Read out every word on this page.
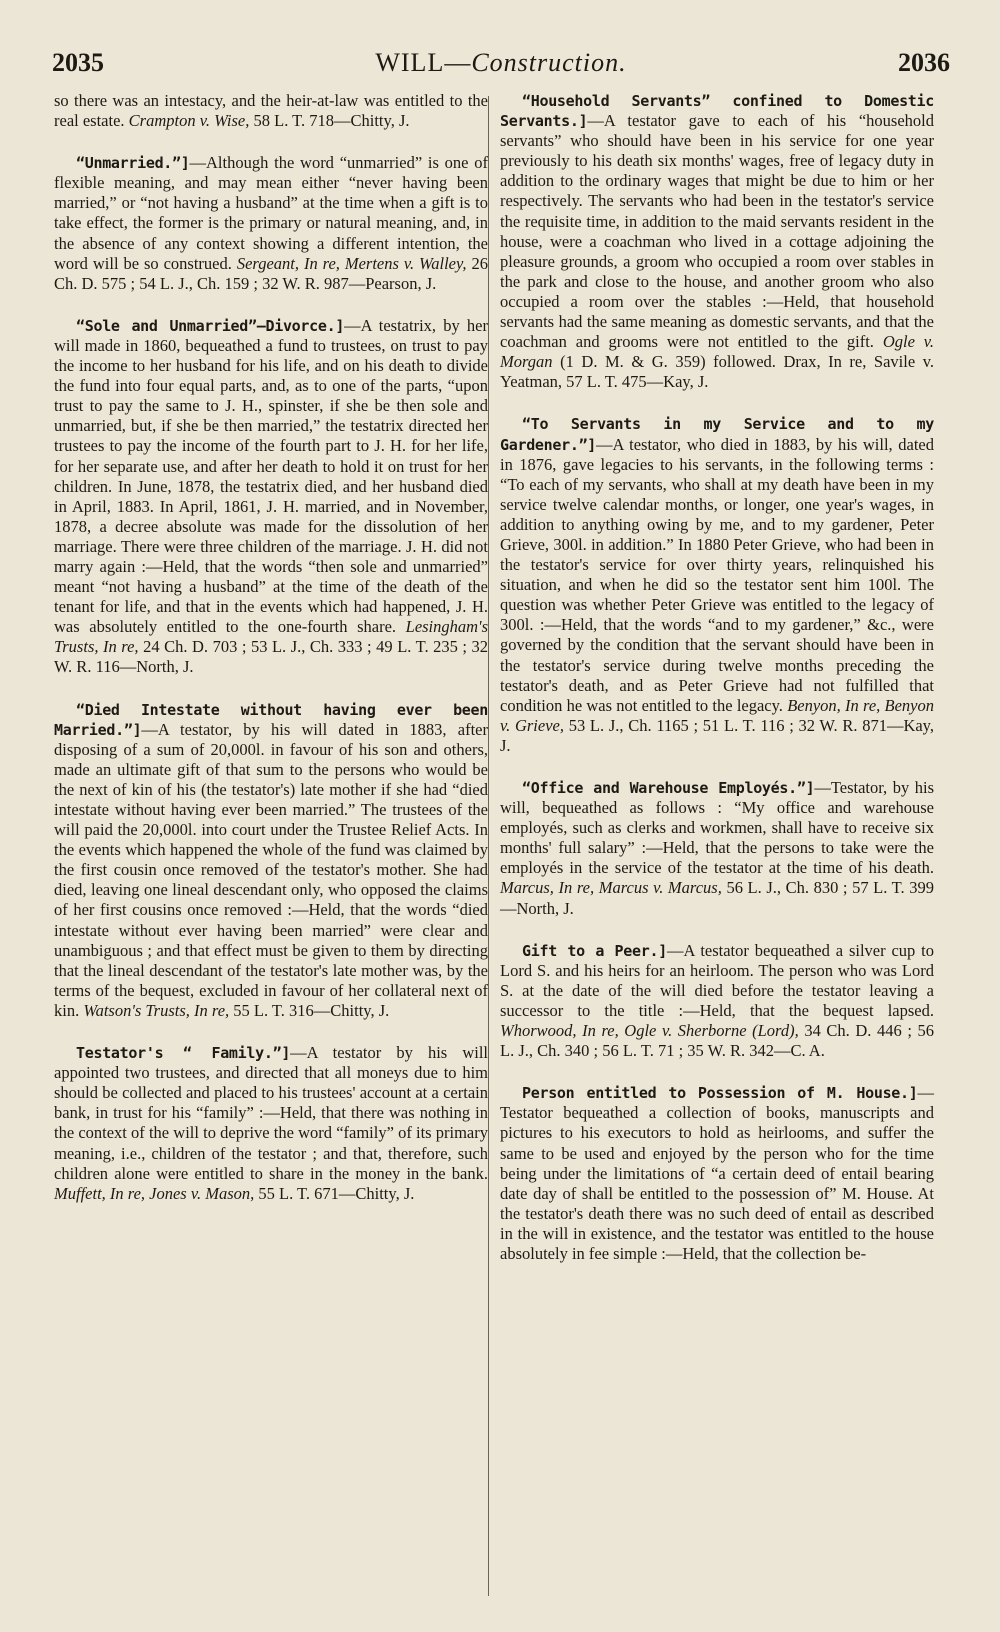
2035	WILL—Construction.	2036

so there was an intestacy, and the heir-at-law was entitled to the real estate. Crampton v. Wise, 58 L. T. 718—Chitty, J.

“Unmarried.”]—Although the word “unmarried” is one of flexible meaning, and may mean either “never having been married,” or “not having a husband” at the time when a gift is to take effect, the former is the primary or natural meaning, and, in the absence of any context showing a different intention, the word will be so construed. Sergeant, In re, Mertens v. Walley, 26 Ch. D. 575 ; 54 L. J., Ch. 159 ; 32 W. R. 987—Pearson, J.

“Sole and Unmarried”—Divorce.]—A testatrix, by her will made in 1860, bequeathed a fund to trustees, on trust to pay the income to her husband for his life, and on his death to divide the fund into four equal parts, and, as to one of the parts, “upon trust to pay the same to J. H., spinster, if she be then sole and unmarried, but, if she be then married,” the testatrix directed her trustees to pay the income of the fourth part to J. H. for her life, for her separate use, and after her death to hold it on trust for her children. In June, 1878, the testatrix died, and her husband died in April, 1883. In April, 1861, J. H. married, and in November, 1878, a decree absolute was made for the dissolution of her marriage. There were three children of the marriage. J. H. did not marry again :—Held, that the words “then sole and unmarried” meant “not having a husband” at the time of the death of the tenant for life, and that in the events which had happened, J. H. was absolutely entitled to the one-fourth share. Lesingham's Trusts, In re, 24 Ch. D. 703 ; 53 L. J., Ch. 333 ; 49 L. T. 235 ; 32 W. R. 116—North, J.

“Died Intestate without having ever been Married.”]—A testator, by his will dated in 1883, after disposing of a sum of 20,000l. in favour of his son and others, made an ultimate gift of that sum to the persons who would be the next of kin of his (the testator's) late mother if she had “died intestate without having ever been married.” The trustees of the will paid the 20,000l. into court under the Trustee Relief Acts. In the events which happened the whole of the fund was claimed by the first cousin once removed of the testator's mother. She had died, leaving one lineal descendant only, who opposed the claims of her first cousins once removed :—Held, that the words “died intestate without ever having been married” were clear and unambiguous ; and that effect must be given to them by directing that the lineal descendant of the testator's late mother was, by the terms of the bequest, excluded in favour of her collateral next of kin. Watson's Trusts, In re, 55 L. T. 316—Chitty, J.

Testator's “ Family.”]—A testator by his will appointed two trustees, and directed that all moneys due to him should be collected and placed to his trustees' account at a certain bank, in trust for his “family” :—Held, that there was nothing in the context of the will to deprive the word “family” of its primary meaning, i.e., children of the testator ; and that, therefore, such children alone were entitled to share in the money in the bank. Muffett, In re, Jones v. Mason, 55 L. T. 671—Chitty, J.

“Household Servants” confined to Domestic Servants.]—A testator gave to each of his “household servants” who should have been in his service for one year previously to his death six months' wages, free of legacy duty in addition to the ordinary wages that might be due to him or her respectively. The servants who had been in the testator's service the requisite time, in addition to the maid servants resident in the house, were a coachman who lived in a cottage adjoining the pleasure grounds, a groom who occupied a room over stables in the park and close to the house, and another groom who also occupied a room over the stables :—Held, that household servants had the same meaning as domestic servants, and that the coachman and grooms were not entitled to the gift. Ogle v. Morgan (1 D. M. & G. 359) followed. Drax, In re, Savile v. Yeatman, 57 L. T. 475—Kay, J.

“To Servants in my Service and to my Gardener.”]—A testator, who died in 1883, by his will, dated in 1876, gave legacies to his servants, in the following terms : “To each of my servants, who shall at my death have been in my service twelve calendar months, or longer, one year's wages, in addition to anything owing by me, and to my gardener, Peter Grieve, 300l. in addition.” In 1880 Peter Grieve, who had been in the testator's service for over thirty years, relinquished his situation, and when he did so the testator sent him 100l. The question was whether Peter Grieve was entitled to the legacy of 300l. :—Held, that the words “and to my gardener,” &c., were governed by the condition that the servant should have been in the testator's service during twelve months preceding the testator's death, and as Peter Grieve had not fulfilled that condition he was not entitled to the legacy. Benyon, In re, Benyon v. Grieve, 53 L. J., Ch. 1165 ; 51 L. T. 116 ; 32 W. R. 871—Kay, J.

“Office and Warehouse Employés.”]—Testator, by his will, bequeathed as follows : “My office and warehouse employés, such as clerks and workmen, shall have to receive six months' full salary” :—Held, that the persons to take were the employés in the service of the testator at the time of his death. Marcus, In re, Marcus v. Marcus, 56 L. J., Ch. 830 ; 57 L. T. 399—North, J.

Gift to a Peer.]—A testator bequeathed a silver cup to Lord S. and his heirs for an heirloom. The person who was Lord S. at the date of the will died before the testator leaving a successor to the title :—Held, that the bequest lapsed. Whorwood, In re, Ogle v. Sherborne (Lord), 34 Ch. D. 446 ; 56 L. J., Ch. 340 ; 56 L. T. 71 ; 35 W. R. 342—C. A.

Person entitled to Possession of M. House.]—Testator bequeathed a collection of books, manuscripts and pictures to his executors to hold as heirlooms, and suffer the same to be used and enjoyed by the person who for the time being under the limitations of “a certain deed of entail bearing date day of shall be entitled to the possession of” M. House. At the testator's death there was no such deed of entail as described in the will in existence, and the testator was entitled to the house absolutely in fee simple :—Held, that the collection be-
